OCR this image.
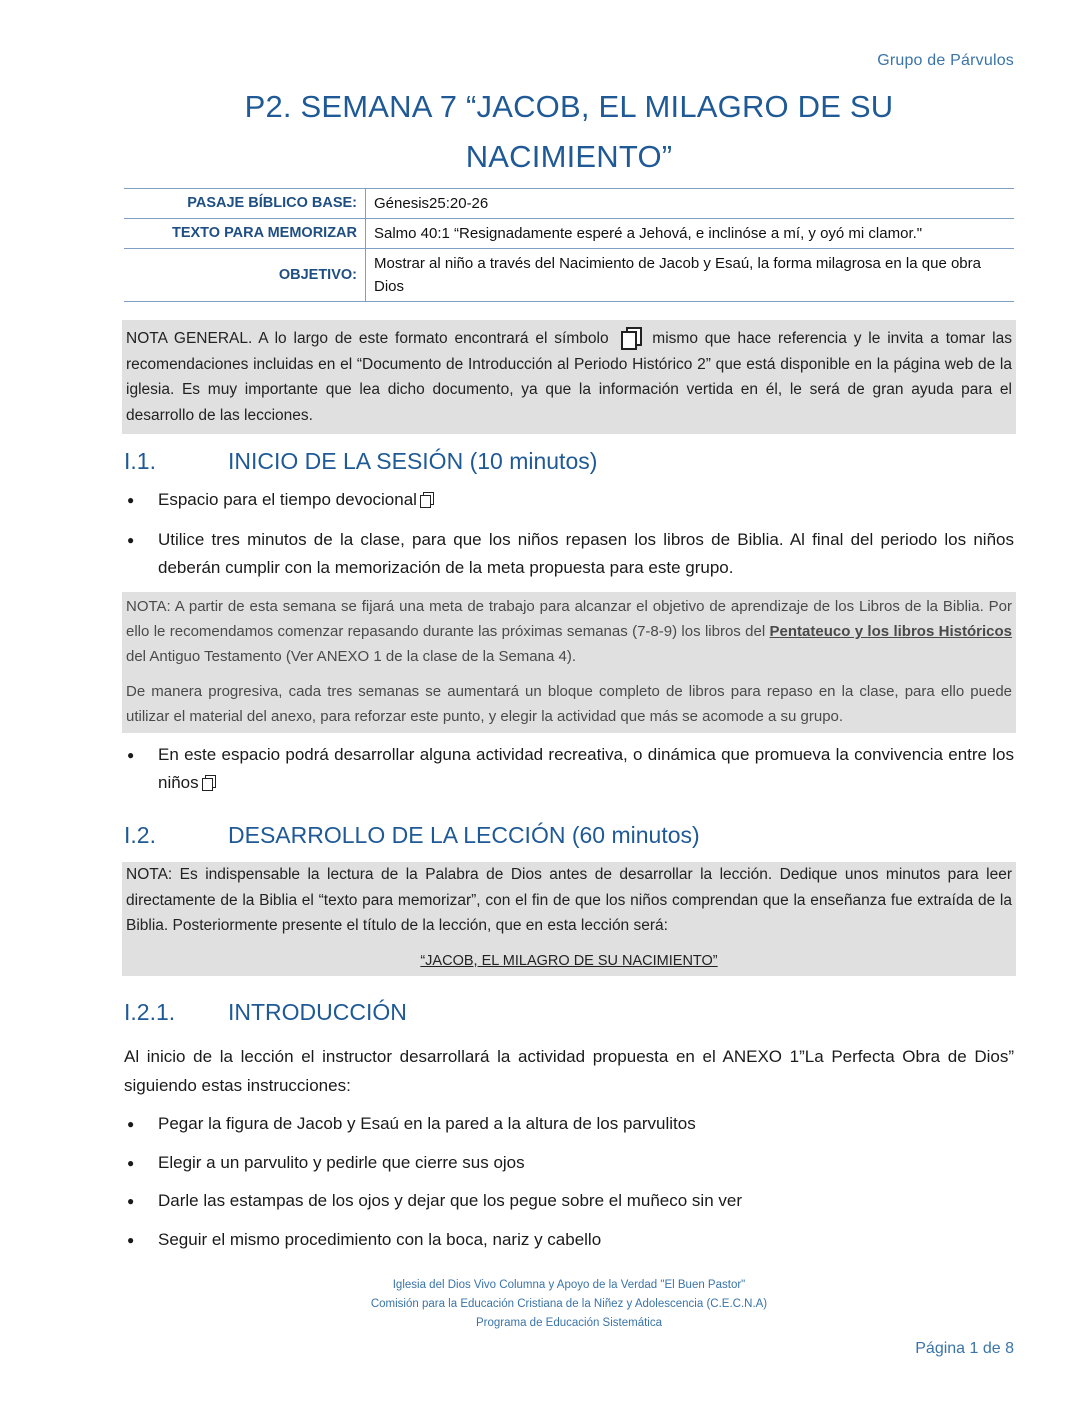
Grupo de Párvulos
P2. SEMANA 7 “JACOB, EL MILAGRO DE SU
NACIMIENTO”
PASAJE BÍBLICO BASE:	Génesis25:20-26
TEXTO PARA MEMORIZAR	Salmo 40:1 “Resignadamente esperé a Jehová, e inclinóse a mí, y oyó mi clamor."
OBJETIVO:	Mostrar al niño a través del Nacimiento de Jacob y Esaú, la forma milagrosa en la que obra Dios
NOTA GENERAL. A lo largo de este formato encontrará el símbolo	mismo que hace referencia y le invita a tomar las recomendaciones incluidas en el “Documento de Introducción al Periodo Histórico 2” que está disponible en la página web de la iglesia. Es muy importante que lea dicho documento, ya que la información vertida en él, le será de gran ayuda para el desarrollo de las lecciones.
I.1.	INICIO DE LA SESIÓN (10 minutos)
●	Espacio para el tiempo devocional
●	Utilice tres minutos de la clase, para que los niños repasen los libros de Biblia. Al final del periodo los niños deberán cumplir con la memorización de la meta propuesta para este grupo.
NOTA: A partir de esta semana se fijará una meta de trabajo para alcanzar el objetivo de aprendizaje de los Libros de la Biblia. Por ello le recomendamos comenzar repasando durante las próximas semanas (7-8-9) los libros del Pentateuco y los libros Históricos del Antiguo Testamento (Ver ANEXO 1 de la clase de la Semana 4).
De manera progresiva, cada tres semanas se aumentará un bloque completo de libros para repaso en la clase, para ello puede utilizar el material del anexo, para reforzar este punto, y elegir la actividad que más se acomode a su grupo.
●	En este espacio podrá desarrollar alguna actividad recreativa, o dinámica que promueva la convivencia entre los niños
I.2.	DESARROLLO DE LA LECCIÓN (60 minutos)
NOTA: Es indispensable la lectura de la Palabra de Dios antes de desarrollar la lección. Dedique unos minutos para leer directamente de la Biblia el “texto para memorizar”, con el fin de que los niños comprendan que la enseñanza fue extraída de la Biblia. Posteriormente presente el título de la lección, que en esta lección será:
“JACOB, EL MILAGRO DE SU NACIMIENTO”
I.2.1.	INTRODUCCIÓN
Al inicio de la lección el instructor desarrollará la actividad propuesta en el ANEXO 1”La Perfecta Obra de Dios” siguiendo estas instrucciones:
●	Pegar la figura de Jacob y Esaú en la pared a la altura de los parvulitos
●	Elegir a un parvulito y pedirle que cierre sus ojos
●	Darle las estampas de los ojos y dejar que los pegue sobre el muñeco sin ver
●	Seguir el mismo procedimiento con la boca, nariz y cabello
Iglesia del Dios Vivo Columna y Apoyo de la Verdad "El Buen Pastor"
Comisión para la Educación Cristiana de la Niñez y Adolescencia (C.E.C.N.A)
Programa de Educación Sistemática
Página 1 de 8
